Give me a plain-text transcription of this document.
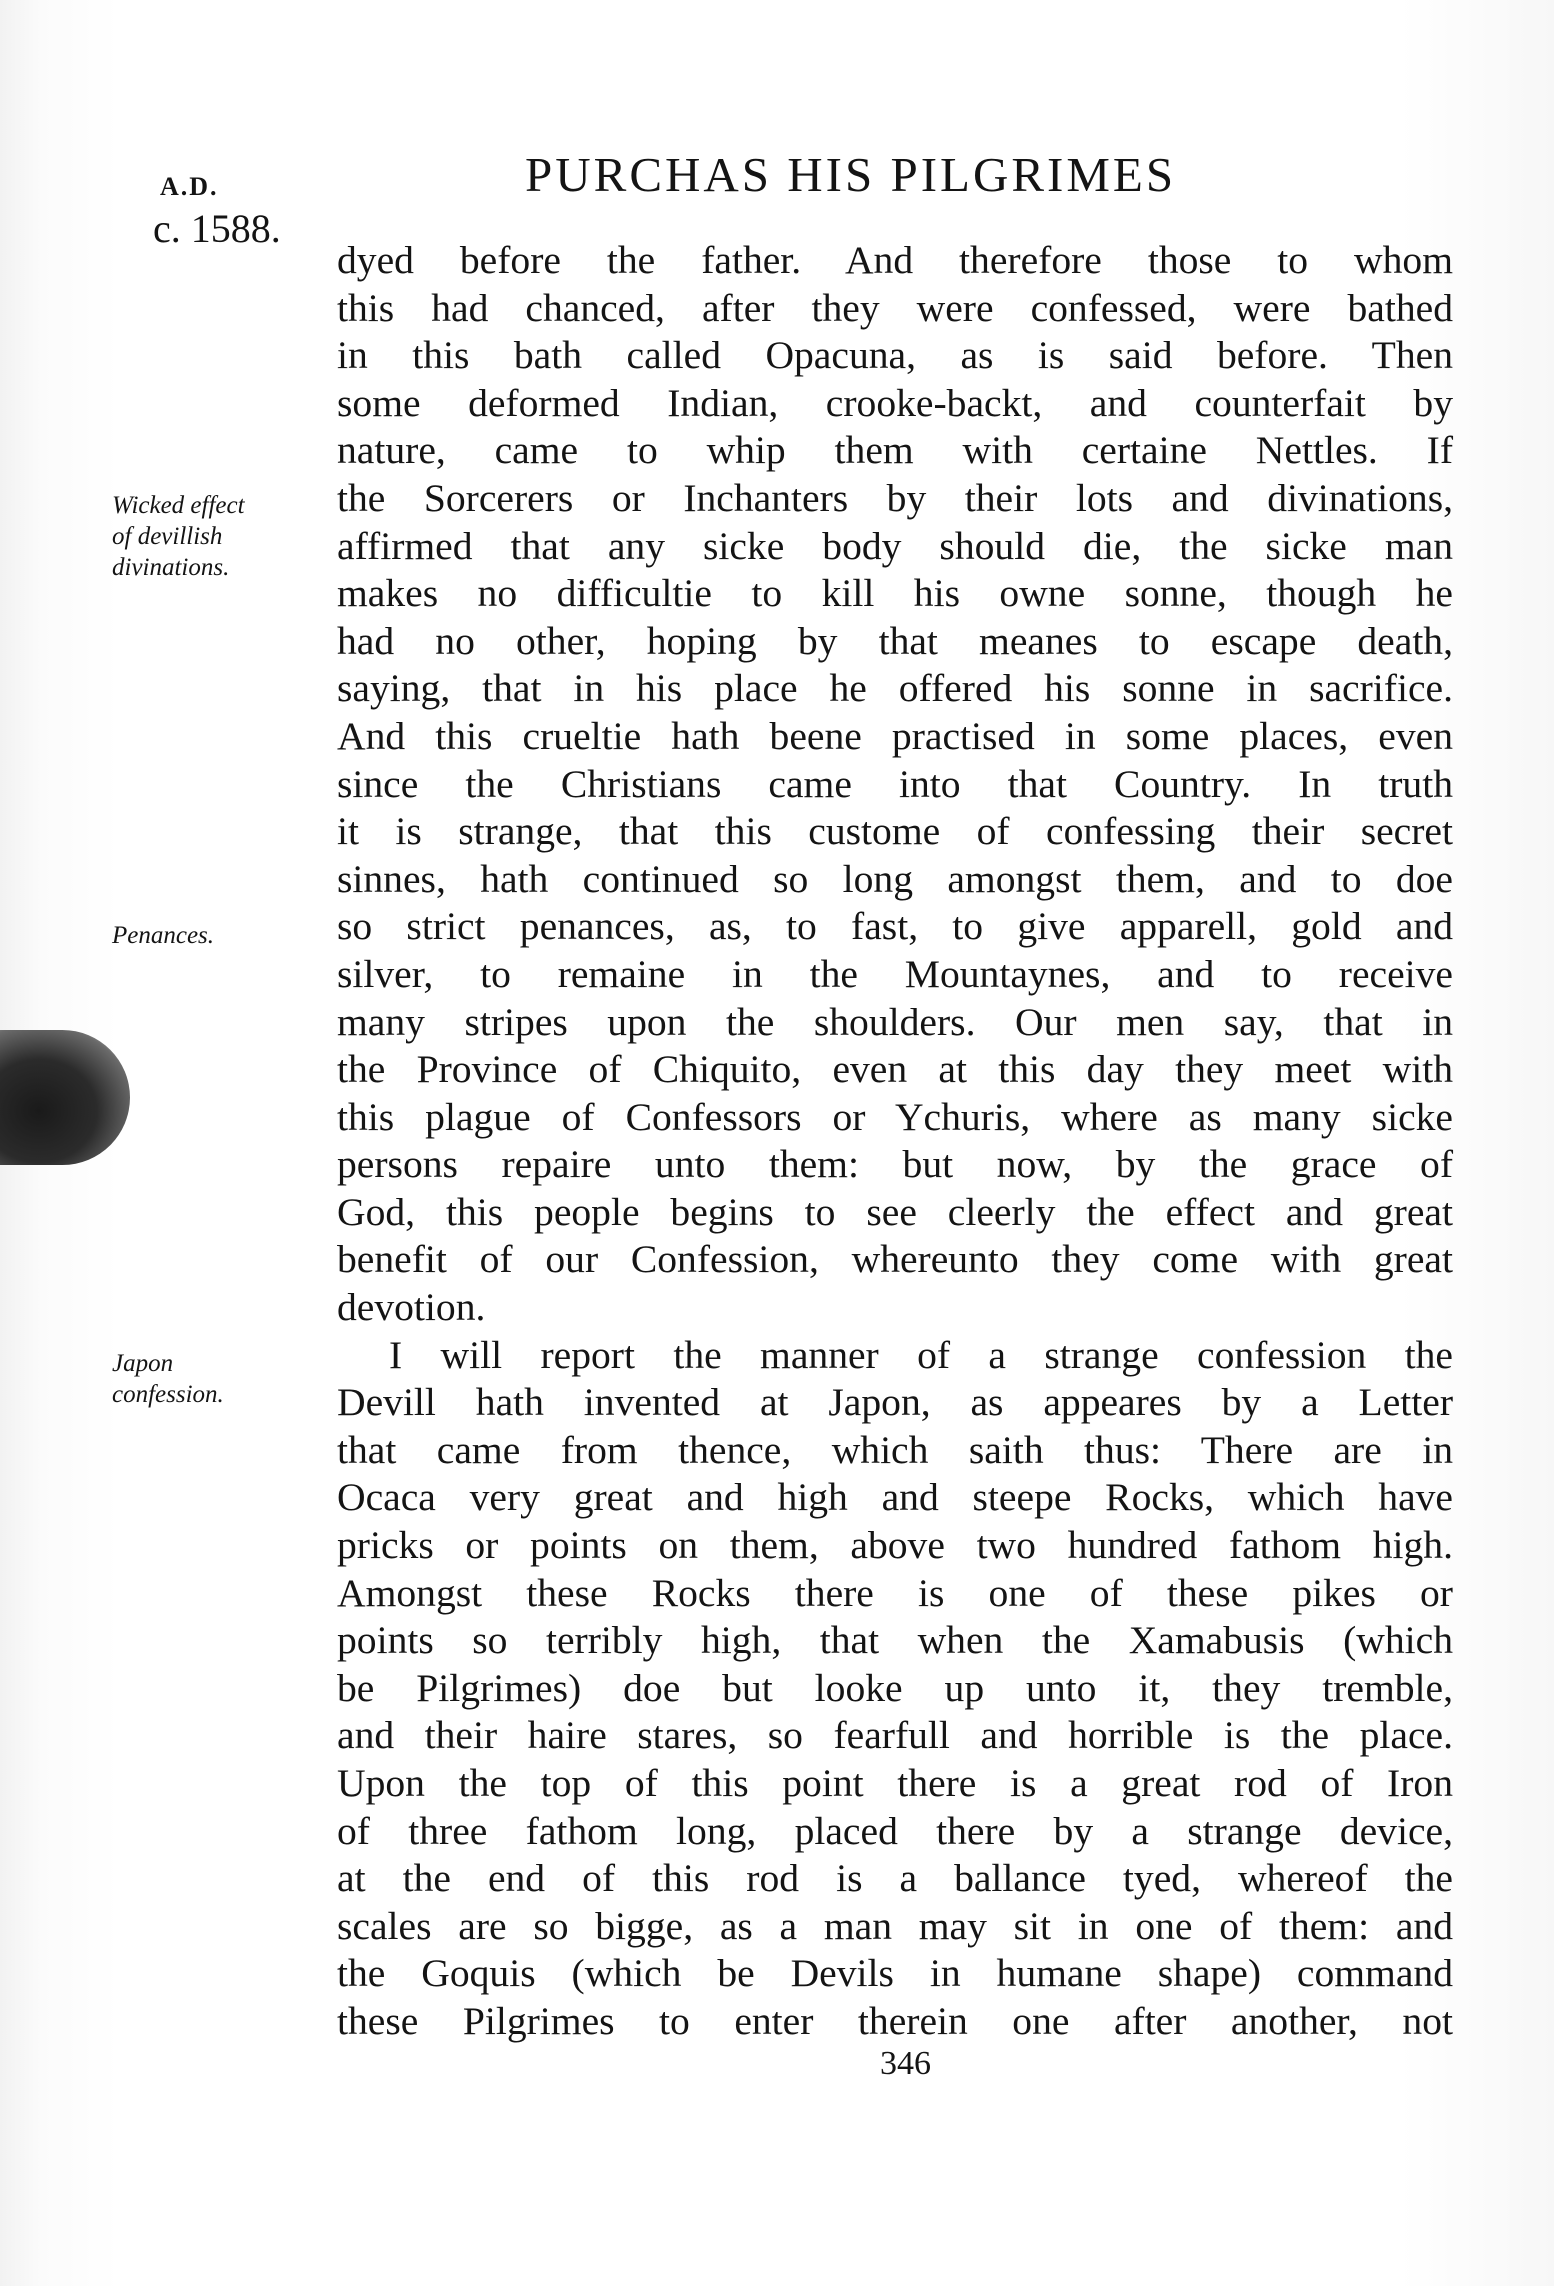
A.D.
c. 1588.
PURCHAS HIS PILGRIMES
Wicked effect
of devillish
divinations.
Penances.
Japon
confession.
dyed before the father. And therefore those to whom
this had chanced, after they were confessed, were bathed
in this bath called Opacuna, as is said before. Then
some deformed Indian, crooke-backt, and counterfait by
nature, came to whip them with certaine Nettles. If
the Sorcerers or Inchanters by their lots and divinations,
affirmed that any sicke body should die, the sicke man
makes no difficultie to kill his owne sonne, though he
had no other, hoping by that meanes to escape death,
saying, that in his place he offered his sonne in sacrifice.
And this crueltie hath beene practised in some places, even
since the Christians came into that Country. In truth
it is strange, that this custome of confessing their secret
sinnes, hath continued so long amongst them, and to doe
so strict penances, as, to fast, to give apparell, gold and
silver, to remaine in the Mountaynes, and to receive
many stripes upon the shoulders. Our men say, that in
the Province of Chiquito, even at this day they meet with
this plague of Confessors or Ychuris, where as many sicke
persons repaire unto them: but now, by the grace of
God, this people begins to see cleerly the effect and great
benefit of our Confession, whereunto they come with great
devotion.
I will report the manner of a strange confession the
Devill hath invented at Japon, as appeares by a Letter
that came from thence, which saith thus: There are in
Ocaca very great and high and steepe Rocks, which have
pricks or points on them, above two hundred fathom high.
Amongst these Rocks there is one of these pikes or
points so terribly high, that when the Xamabusis (which
be Pilgrimes) doe but looke up unto it, they tremble,
and their haire stares, so fearfull and horrible is the place.
Upon the top of this point there is a great rod of Iron
of three fathom long, placed there by a strange device,
at the end of this rod is a ballance tyed, whereof the
scales are so bigge, as a man may sit in one of them: and
the Goquis (which be Devils in humane shape) command
these Pilgrimes to enter therein one after another, not
346
